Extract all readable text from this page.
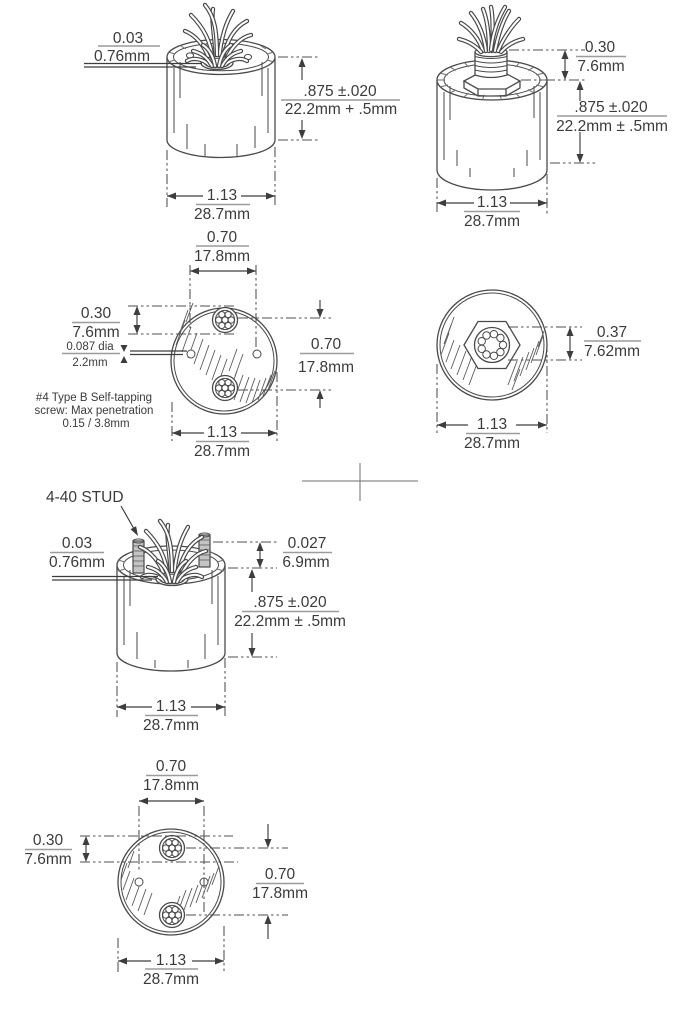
0.03
0.76mm
.875 ±.020
22.2mm + .5mm
1.13
28.7mm
0.30
7.6mm
.875 ±.020
22.2mm ± .5mm
1.13
28.7mm
0.70
17.8mm
0.30
7.6mm
0.087 dia
2.2mm
0.70
17.8mm
1.13
28.7mm
#4 Type B Self-tapping
screw: Max penetration
0.15 / 3.8mm
0.37
7.62mm
1.13
28.7mm
4-40 STUD
0.03
0.76mm
0.027
6.9mm
.875 ±.020
22.2mm ± .5mm
1.13
28.7mm
0.70
17.8mm
0.30
7.6mm
0.70
17.8mm
1.13
28.7mm
